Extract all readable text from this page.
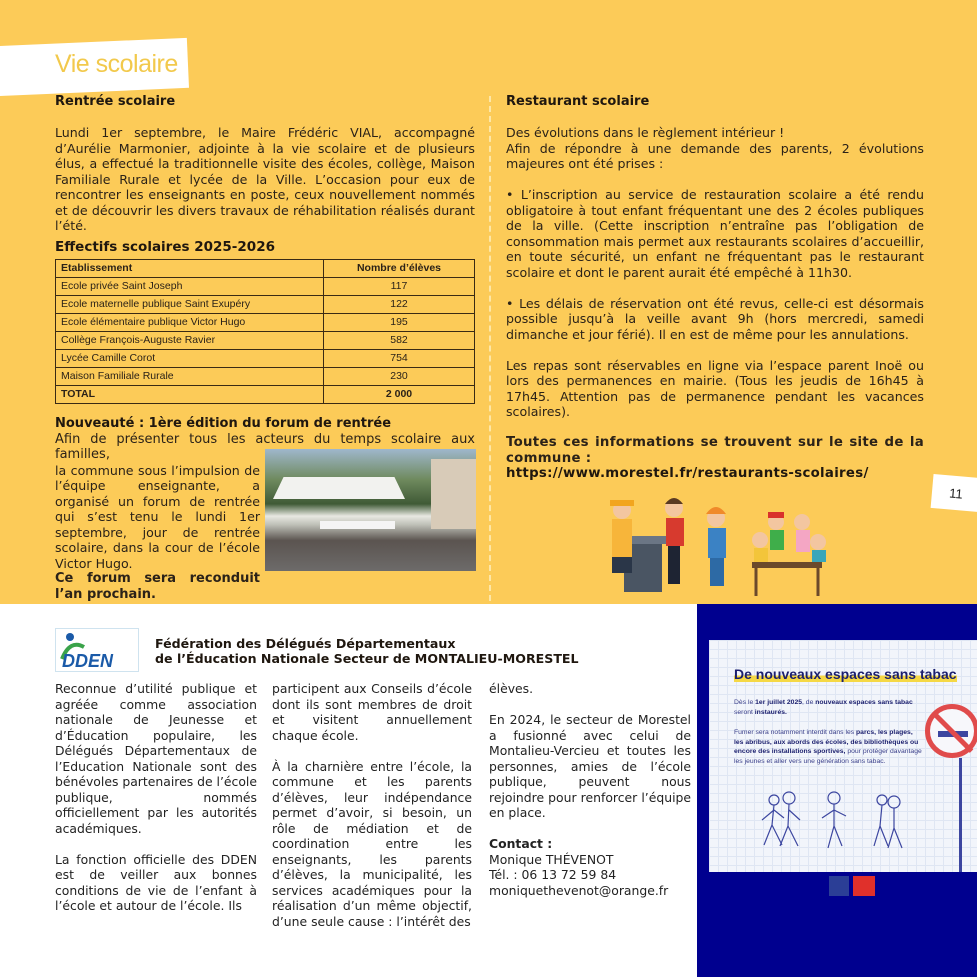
Vie scolaire
Rentrée scolaire

Lundi 1er septembre, le Maire Frédéric VIAL, accompagné d’Aurélie Marmonier, adjointe à la vie scolaire et de plusieurs élus, a effectué la traditionnelle visite des écoles, collège, Maison Familiale Rurale et lycée de la Ville. L’occasion pour eux de rencontrer les enseignants en poste, ceux nouvellement nommés et de découvrir les divers travaux de réhabilitation réalisés durant l’été.

Effectifs scolaires 2025-2026
Etablissement	Nombre d’élèves
Ecole privée Saint Joseph	117
Ecole maternelle publique Saint Exupéry	122
Ecole élémentaire publique Victor Hugo	195
Collège François-Auguste Ravier	582
Lycée Camille Corot	754
Maison Familiale Rurale	230
TOTAL	2 000
Nouveauté : 1ère édition du forum de rentrée

Afin de présenter tous les acteurs du temps scolaire aux familles,

la commune sous l’impulsion de l’équipe enseignante, a organisé un forum de rentrée qui s’est tenu le lundi 1er septembre, jour de rentrée scolaire, dans la cour de l’école Victor Hugo.

Ce forum sera reconduit l’an prochain.

Restaurant scolaire

Des évolutions dans le règlement intérieur !

Afin de répondre à une demande des parents, 2 évolutions majeures ont été prises :

• L’inscription au service de restauration scolaire a été rendu obligatoire à tout enfant fréquentant une des 2 écoles publiques de la ville. (Cette inscription n’entraîne pas l’obligation de consommation mais permet aux restaurants scolaires d’accueillir, en toute sécurité, un enfant ne fréquentant pas le restaurant scolaire et dont le parent aurait été empêché à 11h30.

• Les délais de réservation ont été revus, celle-ci est désormais possible jusqu’à la veille avant 9h (hors mercredi, samedi dimanche et jour férié). Il en est de même pour les annulations.

Les repas sont réservables en ligne via l’espace parent Inoë ou lors des permanences en mairie. (Tous les jeudis de 16h45 à 17h45. Attention pas de permanence pendant les vacances scolaires).

Toutes ces informations se trouvent sur le site de la commune :

https://www.morestel.fr/restaurants-scolaires/
11
DDEN
Fédération des Délégués Départementaux
de l’Éducation Nationale Secteur de MONTALIEU-MORESTEL

Reconnue d’utilité publique et agréée comme association nationale de Jeunesse et d’Éducation populaire, les Délégués Départementaux de l’Education Nationale sont des bénévoles partenaires de l’école publique, nommés officiellement par les autorités académiques.

La fonction officielle des DDEN est de veiller aux bonnes conditions de vie de l’enfant à l’école et autour de l’école. Ils

participent aux Conseils d’école dont ils sont membres de droit et visitent annuellement chaque école.

À la charnière entre l’école, la commune et les parents d’élèves, leur indépendance permet d’avoir, si besoin, un rôle de médiation et de coordination entre les enseignants, les parents d’élèves, la municipalité, les services académiques pour la réalisation d’un même objectif, d’une seule cause : l’intérêt des

élèves.

En 2024, le secteur de Morestel a fusionné avec celui de Montalieu-Vercieu et toutes les personnes, amies de l’école publique, peuvent nous rejoindre pour renforcer l’équipe en place.

Contact :

Monique THÉVENOT

Tél. : 06 13 72 59 84

moniquethevenot@orange.fr

De nouveaux espaces sans tabac
Dès le 1er juillet 2025, de nouveaux espaces sans tabac seront instaurés.
Fumer sera notamment interdit dans les parcs, les plages, les abribus, aux abords des écoles, des bibliothèques ou encore des installations sportives, pour protéger davantage les jeunes et aller vers une génération sans tabac.
